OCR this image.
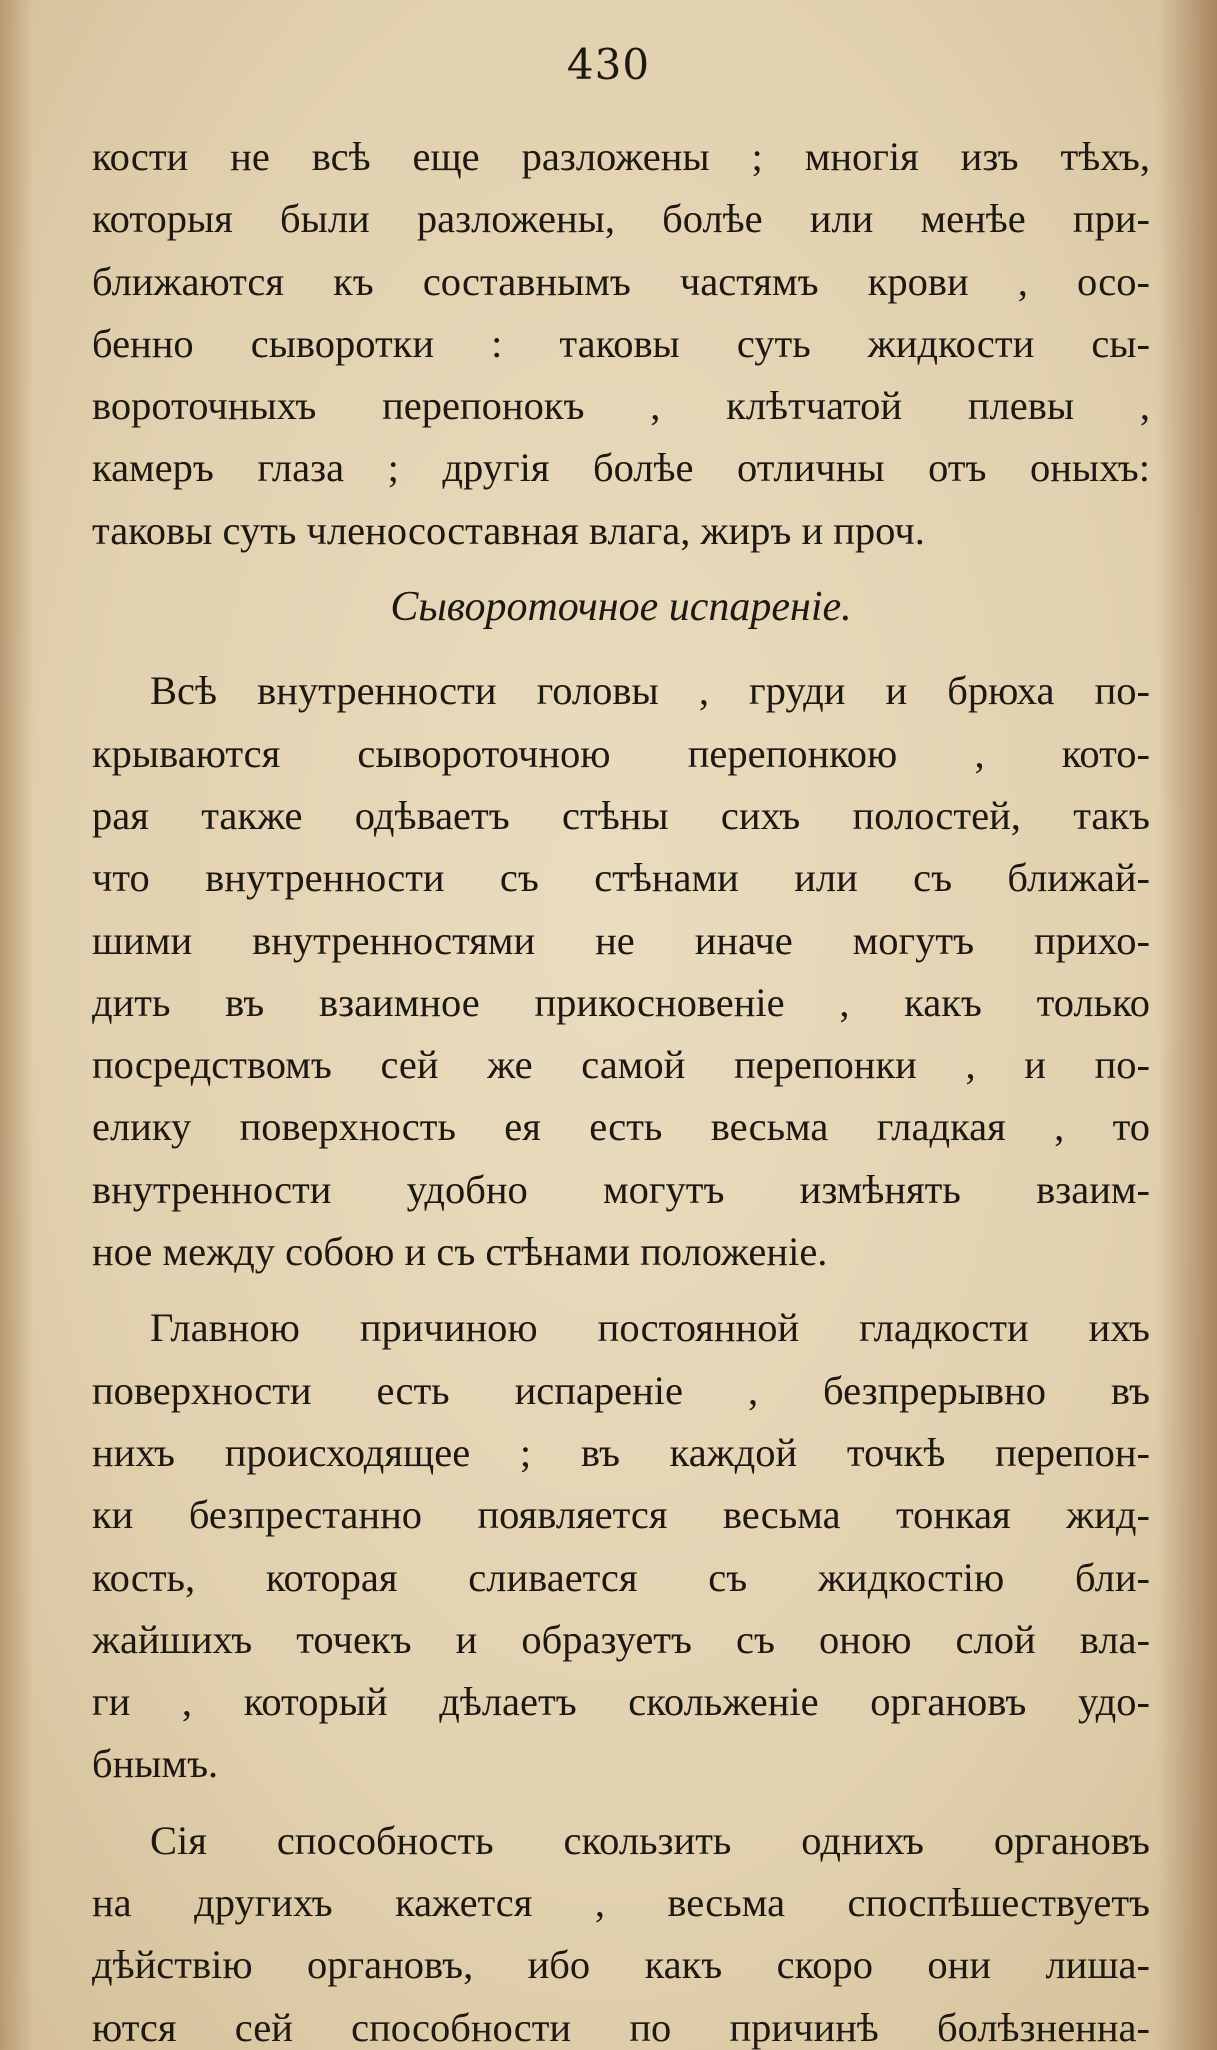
430
кости не всѣ еще разложены ; многія изъ тѣхъ,
которыя были разложены, болѣе или менѣе при-
ближаются къ составнымъ частямъ крови , осо-
бенно сыворотки : таковы суть жидкости сы-
вороточныхъ перепонокъ , клѣтчатой плевы ,
камеръ глаза ; другія болѣе отличны отъ оныхъ:
таковы суть членосоставная влага, жиръ и проч.
Сывороточное испареніе.
Всѣ внутренности головы , груди и брюха по-
крываются сывороточною перепонкою , кото-
рая также одѣваетъ стѣны сихъ полостей, такъ
что внутренности съ стѣнами или съ ближай-
шими внутренностями не иначе могутъ прихо-
дить въ взаимное прикосновеніе , какъ только
посредствомъ сей же самой перепонки , и по-
елику поверхность ея есть весьма гладкая , то
внутренности удобно могутъ измѣнять взаим-
ное между собою и съ стѣнами положеніе.
Главною причиною постоянной гладкости ихъ
поверхности есть испареніе , безпрерывно въ
нихъ происходящее ; въ каждой точкѣ перепон-
ки безпрестанно появляется весьма тонкая жид-
кость, которая сливается съ жидкостію бли-
жайшихъ точекъ и образуетъ съ оною слой вла-
ги , который дѣлаетъ скольженіе органовъ удо-
бнымъ.
Сія способность скользить однихъ органовъ
на другихъ кажется , весьма споспѣшествуетъ
дѣйствію органовъ, ибо какъ скоро они лиша-
ются сей способности по причинѣ болѣзненна-
